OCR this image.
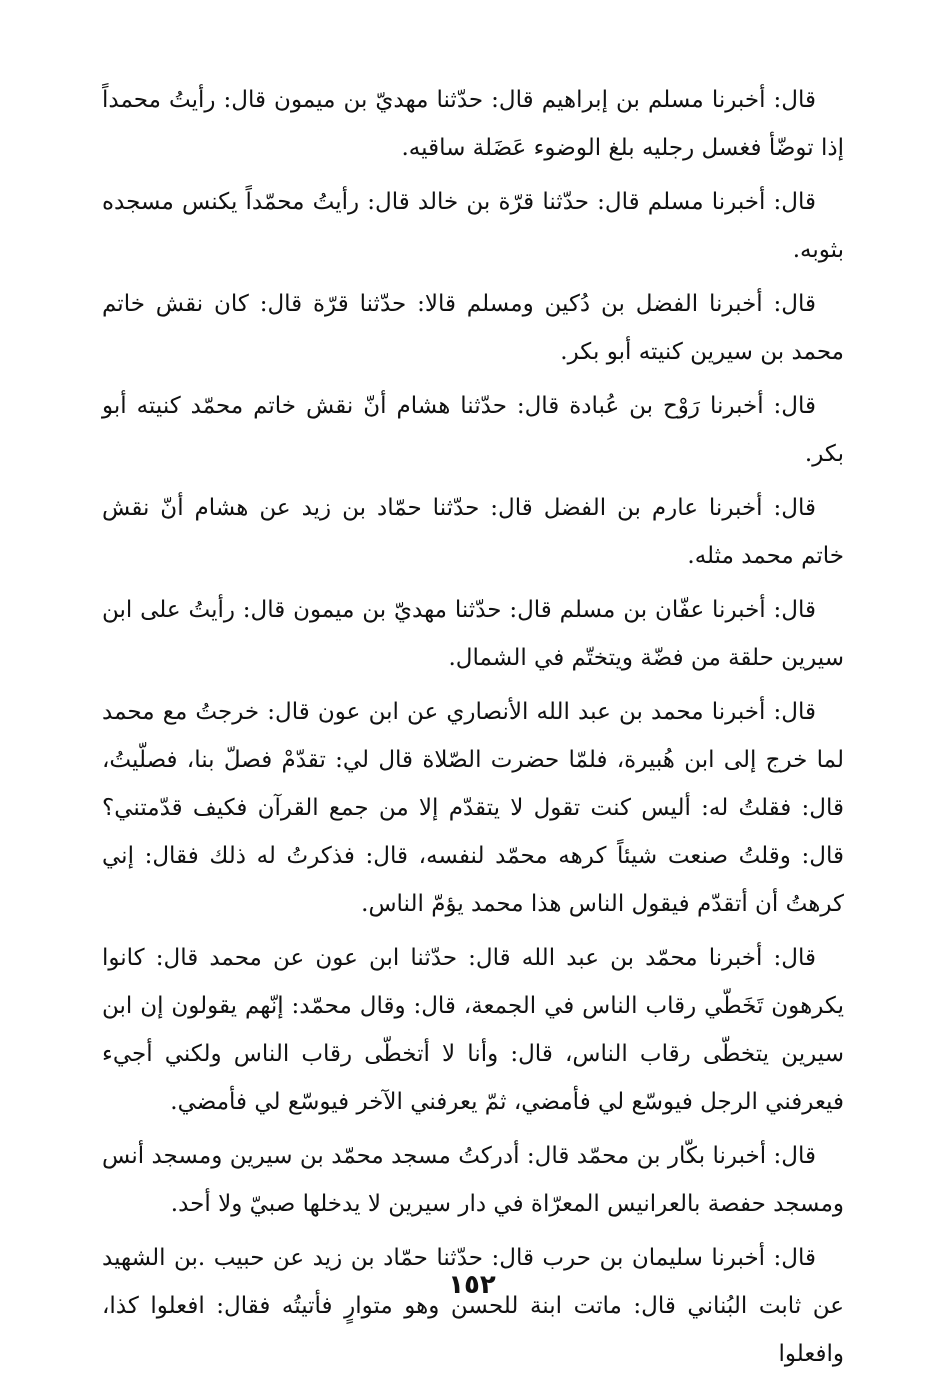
قال: أخبرنا مسلم بن إبراهيم قال: حدّثنا مهديّ بن ميمون قال: رأيتُ محمداً إذا توضّأ فغسل رجليه بلغ الوضوء عَضَلة ساقيه.

قال: أخبرنا مسلم قال: حدّثنا قرّة بن خالد قال: رأيتُ محمّداً يكنس مسجده بثوبه.

قال: أخبرنا الفضل بن دُكين ومسلم قالا: حدّثنا قرّة قال: كان نقش خاتم محمد بن سيرين كنيته أبو بكر.

قال: أخبرنا رَوْح بن عُبادة قال: حدّثنا هشام أنّ نقش خاتم محمّد كنيته أبو بكر.

قال: أخبرنا عارم بن الفضل قال: حدّثنا حمّاد بن زيد عن هشام أنّ نقش خاتم محمد مثله.

قال: أخبرنا عفّان بن مسلم قال: حدّثنا مهديّ بن ميمون قال: رأيتُ على ابن سيرين حلقة من فضّة ويتختّم في الشمال.

قال: أخبرنا محمد بن عبد الله الأنصاري عن ابن عون قال: خرجتُ مع محمد لما خرج إلى ابن هُبيرة، فلمّا حضرت الصّلاة قال لي: تقدّمْ فصلّ بنا، فصلّيتُ، قال: فقلتُ له: أليس كنت تقول لا يتقدّم إلا من جمع القرآن فكيف قدّمتني؟ قال: وقلتُ صنعت شيئاً كرهه محمّد لنفسه، قال: فذكرتُ له ذلك فقال: إني كرهتُ أن أتقدّم فيقول الناس هذا محمد يؤمّ الناس.

قال: أخبرنا محمّد بن عبد الله قال: حدّثنا ابن عون عن محمد قال: كانوا يكرهون تَخَطّي رقاب الناس في الجمعة، قال: وقال محمّد: إنّهم يقولون إن ابن سيرين يتخطّى رقاب الناس، قال: وأنا لا أتخطّى رقاب الناس ولكني أجيء فيعرفني الرجل فيوسّع لي فأمضي، ثمّ يعرفني الآخر فيوسّع لي فأمضي.

قال: أخبرنا بكّار بن محمّد قال: أدركتُ مسجد محمّد بن سيرين ومسجد أنس ومسجد حفصة بالعرانيس المعرّاة في دار سيرين لا يدخلها صبيّ ولا أحد.

قال: أخبرنا سليمان بن حرب قال: حدّثنا حمّاد بن زيد عن حبيب .بن الشهيد عن ثابت البُناني قال: ماتت ابنة للحسن وهو متوارٍ فأتيتُه فقال: افعلوا كذا، وافعلوا

١٥٢
